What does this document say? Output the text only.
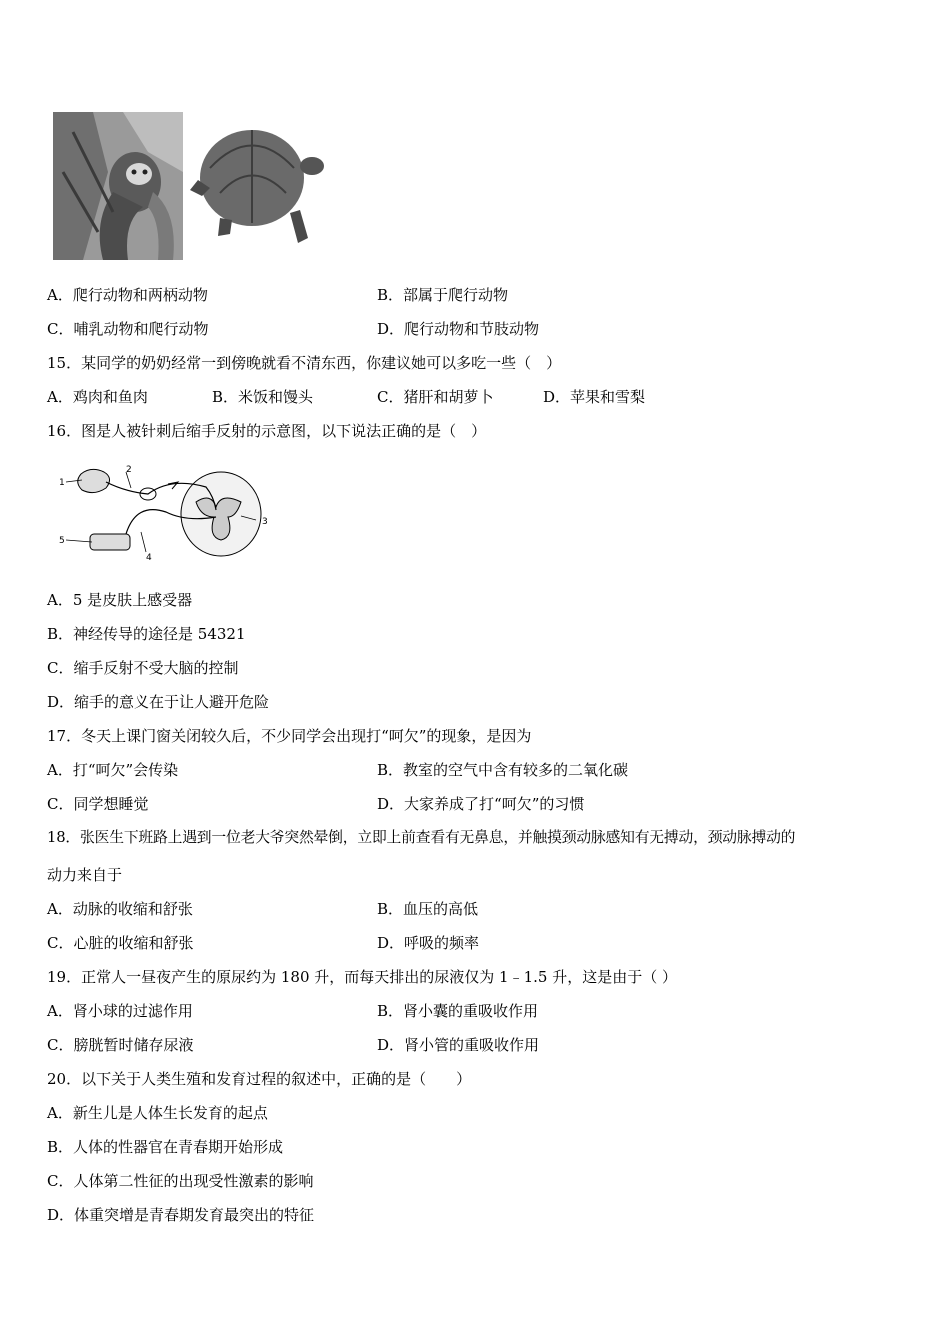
A．爬行动物和两柄动物	B．部属于爬行动物
C．哺乳动物和爬行动物	D．爬行动物和节肢动物
15．某同学的奶奶经常一到傍晚就看不清东西，你建议她可以多吃一些（　）
A．鸡肉和鱼肉	B．米饭和馒头	C．猪肝和胡萝卜	D．苹果和雪梨
16．图是人被针刺后缩手反射的示意图，以下说法正确的是（　）
1
2
3
4
5
A．5 是皮肤上感受器
B．神经传导的途径是 54321
C．缩手反射不受大脑的控制
D．缩手的意义在于让人避开危险
17．冬天上课门窗关闭较久后，不少同学会出现打“呵欠”的现象，是因为
A．打“呵欠”会传染	B．教室的空气中含有较多的二氧化碳
C．同学想睡觉	D．大家养成了打“呵欠”的习惯
18．张医生下班路上遇到一位老大爷突然晕倒，立即上前查看有无鼻息，并触摸颈动脉感知有无搏动，颈动脉搏动的
动力来自于
A．动脉的收缩和舒张	B．血压的高低
C．心脏的收缩和舒张	D．呼吸的频率
19．正常人一昼夜产生的原尿约为 180 升，而每天排出的尿液仅为 1﹣1.5 升，这是由于（ ）
A．肾小球的过滤作用	B．肾小囊的重吸收作用
C．膀胱暂时储存尿液	D．肾小管的重吸收作用
20．以下关于人类生殖和发育过程的叙述中，正确的是（　　）
A．新生儿是人体生长发育的起点
B．人体的性器官在青春期开始形成
C．人体第二性征的出现受性激素的影响
D．体重突增是青春期发育最突出的特征
